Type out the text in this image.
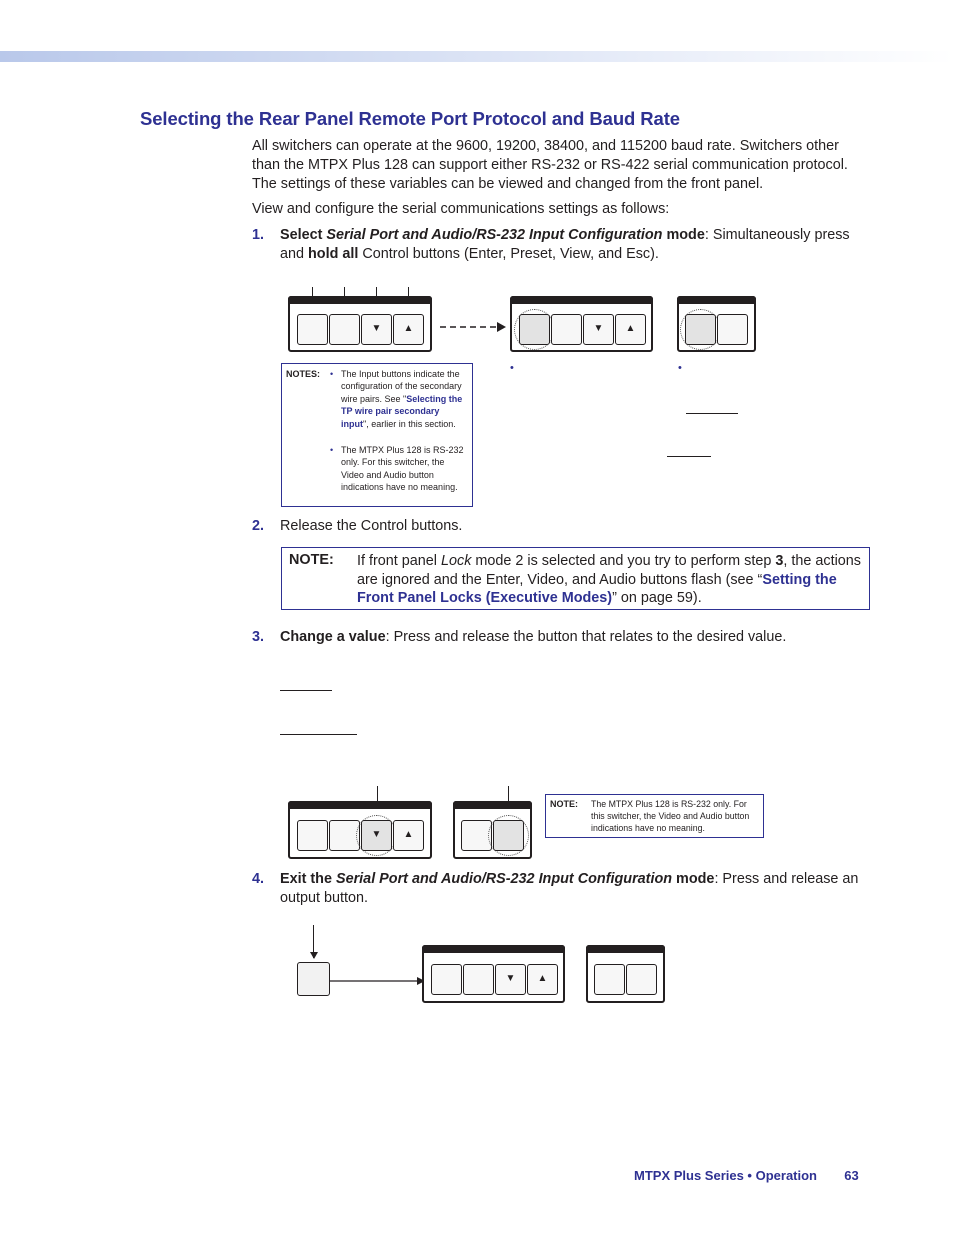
Selecting the Rear Panel Remote Port Protocol and Baud Rate

All switchers can operate at the 9600, 19200, 38400, and 115200 baud rate. Switchers other than the MTPX Plus 128 can support either RS-232 or RS-422 serial communication protocol. The settings of these variables can be viewed and changed from the front panel.

View and configure the serial communications settings as follows:

1. Select Serial Port and Audio/RS-232 Input Configuration mode: Simultaneously press and hold all Control buttons (Enter, Preset, View, and Esc).
▼	▲	▼	▲
•	•
NOTES: • The Input buttons indicate the configuration of the secondary wire pairs. See "Selecting the TP wire pair secondary input", earlier in this section.
• The MTPX Plus 128 is RS-232 only. For this switcher, the Video and Audio button indications have no meaning.
2. Release the Control buttons.
NOTE: If front panel Lock mode 2 is selected and you try to perform step 3, the actions are ignored and the Enter, Video, and Audio buttons flash (see “Setting the Front Panel Locks (Executive Modes)” on page 59).
3. Change a value: Press and release the button that relates to the desired value.
▼	▲
NOTE: The MTPX Plus 128 is RS-232 only. For this switcher, the Video and Audio button indications have no meaning.
4. Exit the Serial Port and Audio/RS-232 Input Configuration mode: Press and release an output button.
▼	▲
MTPX Plus Series • Operation 63
